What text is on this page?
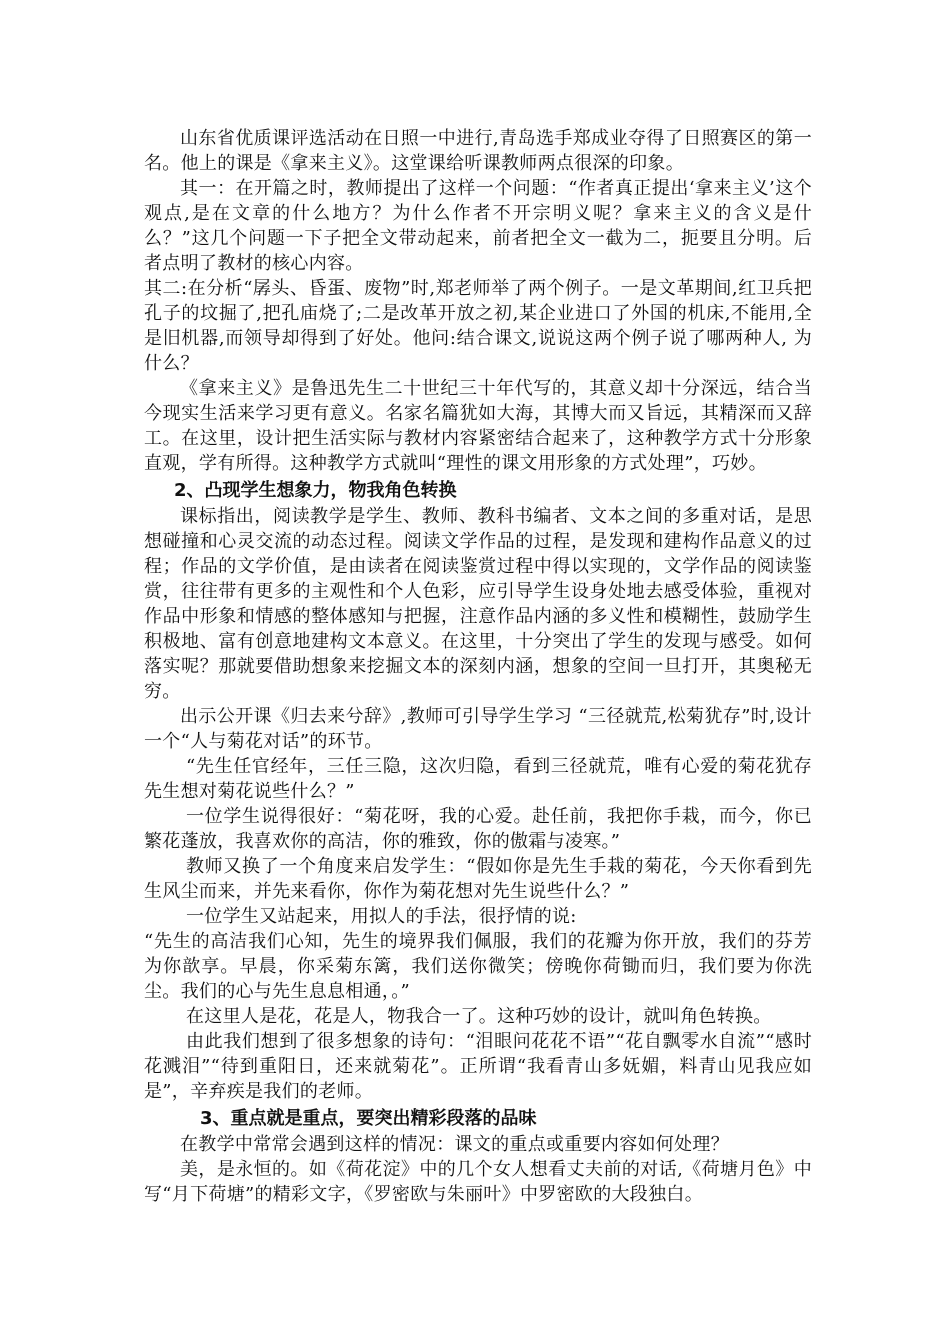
山东省优质课评选活动在日照一中进行,青岛选手郑成业夺得了日照赛区的第一名。他上的课是《拿来主义》。这堂课给听课教师两点很深的印象。

其一：在开篇之时，教师提出了这样一个问题：“作者真正提出‘拿来主义’这个观点,是在文章的什么地方？为什么作者不开宗明义呢？拿来主义的含义是什么？”这几个问题一下子把全文带动起来，前者把全文一截为二，扼要且分明。后者点明了教材的核心内容。

其二:在分析“孱头、昏蛋、废物”时,郑老师举了两个例子。一是文革期间,红卫兵把孔子的坟掘了,把孔庙烧了;二是改革开放之初,某企业进口了外国的机床,不能用,全是旧机器,而领导却得到了好处。他问:结合课文,说说这两个例子说了哪两种人, 为什么？

《拿来主义》是鲁迅先生二十世纪三十年代写的，其意义却十分深远，结合当今现实生活来学习更有意义。名家名篇犹如大海，其博大而又旨远，其精深而又辞工。在这里，设计把生活实际与教材内容紧密结合起来了，这种教学方式十分形象直观，学有所得。这种教学方式就叫“理性的课文用形象的方式处理”，巧妙。

2、凸现学生想象力，物我角色转换

课标指出，阅读教学是学生、教师、教科书编者、文本之间的多重对话，是思想碰撞和心灵交流的动态过程。阅读文学作品的过程，是发现和建构作品意义的过程；作品的文学价值，是由读者在阅读鉴赏过程中得以实现的，文学作品的阅读鉴赏，往往带有更多的主观性和个人色彩，应引导学生设身处地去感受体验，重视对作品中形象和情感的整体感知与把握，注意作品内涵的多义性和模糊性，鼓励学生积极地、富有创意地建构文本意义。在这里，十分突出了学生的发现与感受。如何落实呢？那就要借助想象来挖掘文本的深刻内涵，想象的空间一旦打开，其奥秘无穷。

出示公开课《归去来兮辞》,教师可引导学生学习 “三径就荒,松菊犹存”时,设计一个“人与菊花对话”的环节。

“先生任官经年，三任三隐，这次归隐，看到三径就荒，唯有心爱的菊花犹存先生想对菊花说些什么？”

一位学生说得很好：“菊花呀，我的心爱。赴任前，我把你手栽，而今，你已繁花蓬放，我喜欢你的高洁，你的雅致，你的傲霜与凌寒。”

教师又换了一个角度来启发学生：“假如你是先生手栽的菊花，今天你看到先生风尘而来，并先来看你，你作为菊花想对先生说些什么？”

一位学生又站起来，用拟人的手法，很抒情的说:

“先生的高洁我们心知，先生的境界我们佩服，我们的花瓣为你开放，我们的芬芳为你歆享。早晨，你采菊东篱，我们送你微笑；傍晚你荷锄而归，我们要为你洗尘。我们的心与先生息息相通，。”

在这里人是花，花是人，物我合一了。这种巧妙的设计，就叫角色转换。

由此我们想到了很多想象的诗句：“泪眼问花花不语”“花自飘零水自流”“感时花溅泪”“待到重阳日，还来就菊花”。正所谓“我看青山多妩媚，料青山见我应如是”，辛弃疾是我们的老师。

3、重点就是重点，要突出精彩段落的品味

在教学中常常会遇到这样的情况：课文的重点或重要内容如何处理？

美，是永恒的。如《荷花淀》中的几个女人想看丈夫前的对话,《荷塘月色》中写“月下荷塘”的精彩文字，《罗密欧与朱丽叶》中罗密欧的大段独白。
